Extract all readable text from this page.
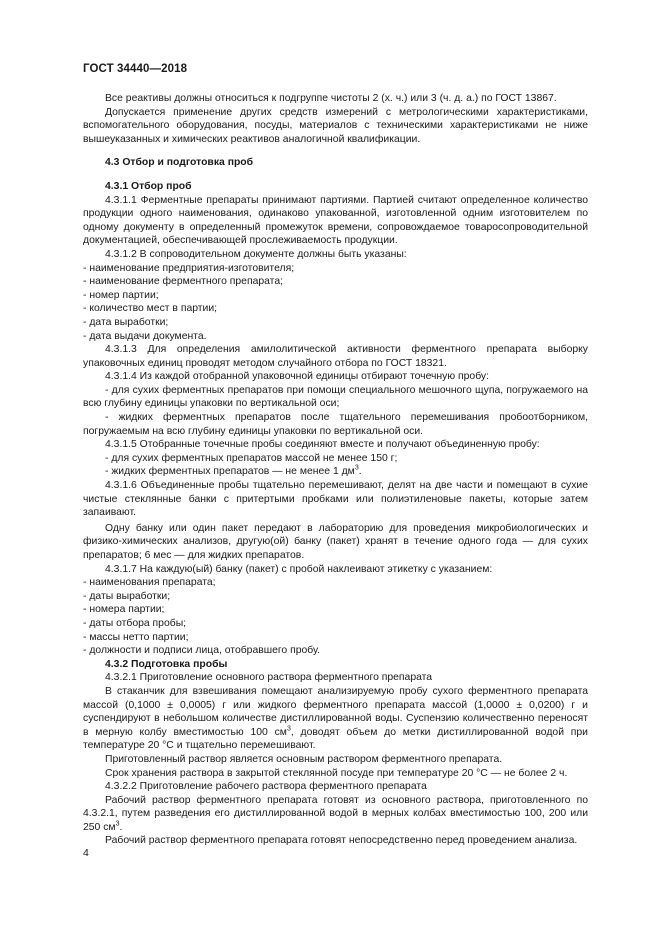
ГОСТ 34440—2018

Все реактивы должны относиться к подгруппе чистоты 2 (х. ч.) или 3 (ч. д. а.) по ГОСТ 13867.

Допускается применение других средств измерений с метрологическими характеристиками, вспомогательного оборудования, посуды, материалов с техническими характеристиками не ниже вышеуказанных и химических реактивов аналогичной квалификации.

4.3 Отбор и подготовка проб

4.3.1 Отбор проб

4.3.1.1 Ферментные препараты принимают партиями. Партией считают определенное количество продукции одного наименования, одинаково упакованной, изготовленной одним изготовителем по одному документу в определенный промежуток времени, сопровождаемое товаросопроводительной документацией, обеспечивающей прослеживаемость продукции.

4.3.1.2 В сопроводительном документе должны быть указаны:

- наименование предприятия-изготовителя;

- наименование ферментного препарата;

- номер партии;

- количество мест в партии;

- дата выработки;

- дата выдачи документа.

4.3.1.3 Для определения амилолитической активности ферментного препарата выборку упаковочных единиц проводят методом случайного отбора по ГОСТ 18321.

4.3.1.4 Из каждой отобранной упаковочной единицы отбирают точечную пробу:

- для сухих ферментных препаратов при помощи специального мешочного щупа, погружаемого на всю глубину единицы упаковки по вертикальной оси;

- жидких ферментных препаратов после тщательного перемешивания пробоотборником, погружаемым на всю глубину единицы упаковки по вертикальной оси.

4.3.1.5 Отобранные точечные пробы соединяют вместе и получают объединенную пробу:

- для сухих ферментных препаратов массой не менее 150 г;

- жидких ферментных препаратов — не менее 1 $дм^3$.

4.3.1.6 Объединенные пробы тщательно перемешивают, делят на две части и помещают в сухие чистые стеклянные банки с притертыми пробками или полиэтиленовые пакеты, которые затем запаивают.

Одну банку или один пакет передают в лабораторию для проведения микробиологических и физико-химических анализов, другую(ой) банку (пакет) хранят в течение одного года — для сухих препаратов; 6 мес — для жидких препаратов.

4.3.1.7 На каждую(ый) банку (пакет) с пробой наклеивают этикетку с указанием:

- наименования препарата;

- даты выработки;

- номера партии;

- даты отбора пробы;

- массы нетто партии;

- должности и подписи лица, отобравшего пробу.

4.3.2 Подготовка пробы

4.3.2.1 Приготовление основного раствора ферментного препарата

В стаканчик для взвешивания помещают анализируемую пробу сухого ферментного препарата массой (0,1000 ± 0,0005) г или жидкого ферментного препарата массой (1,0000 ± 0,0200) г и суспендируют в небольшом количестве дистиллированной воды. Суспензию количественно переносят в мерную колбу вместимостью 100 $см^3$, доводят объем до метки дистиллированной водой при температуре 20 °С и тщательно перемешивают.

Приготовленный раствор является основным раствором ферментного препарата.

Срок хранения раствора в закрытой стеклянной посуде при температуре 20 °С — не более 2 ч.

4.3.2.2 Приготовление рабочего раствора ферментного препарата

Рабочий раствор ферментного препарата готовят из основного раствора, приготовленного по 4.3.2.1, путем разведения его дистиллированной водой в мерных колбах вместимостью 100, 200 или 250 $см^3$.

Рабочий раствор ферментного препарата готовят непосредственно перед проведением анализа.

4
